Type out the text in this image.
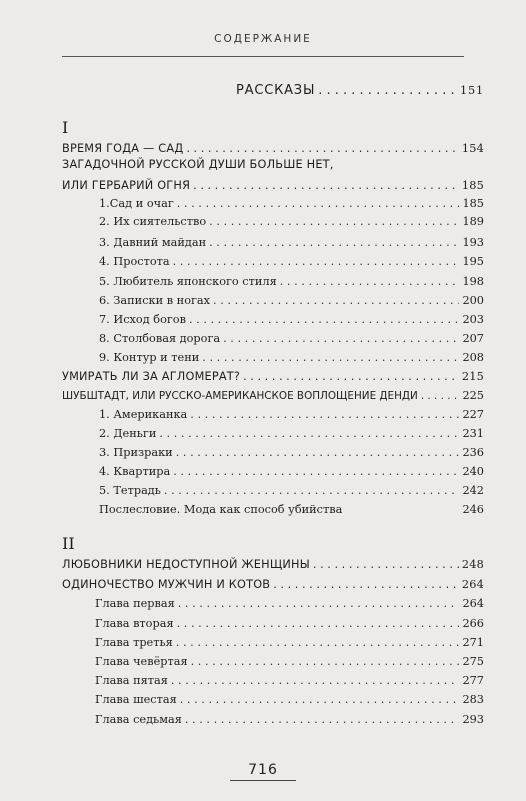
СОДЕРЖАНИЕ
РАССКАЗЫ . . .	151
I
ВРЕМЯ ГОДА — САД . . .	154
ЗАГАДОЧНОЙ РУССКОЙ ДУШИ БОЛЬШЕ НЕТ,
ИЛИ ГЕРБАРИЙ ОГНЯ . . .	185
1.Сад и очаг . . .	185
2. Их сиятельство . . .	189
3. Давний майдан . . .	193
4. Простота . . .	195
5. Любитель японского стиля . . .	198
6. Записки в ногах . . .	200
7. Исход богов . . .	203
8. Столбовая дорога . . .	207
9. Контур и тени . . .	208
УМИРАТЬ ЛИ ЗА АГЛОМЕРАТ? . . .	215
ШУБШТАДТ, ИЛИ РУССКО-АМЕРИКАНСКОЕ ВОПЛОЩЕНИЕ ДЕНДИ . . .	225
1. Американка . . .	227
2. Деньги . . .	231
3. Призраки . . .	236
4. Квартира . . .	240
5. Тетрадь . . .	242
Послесловие. Мода как способ убийства	246
II
ЛЮБОВНИКИ НЕДОСТУПНОЙ ЖЕНЩИНЫ . . .	248
ОДИНОЧЕСТВО МУЖЧИН И КОТОВ . . .	264
Глава первая . . .	264
Глава вторая . . .	266
Глава третья . . .	271
Глава чевёртая . . .	275
Глава пятая . . .	277
Глава шестая . . .	283
Глава седьмая . . .	293
716
